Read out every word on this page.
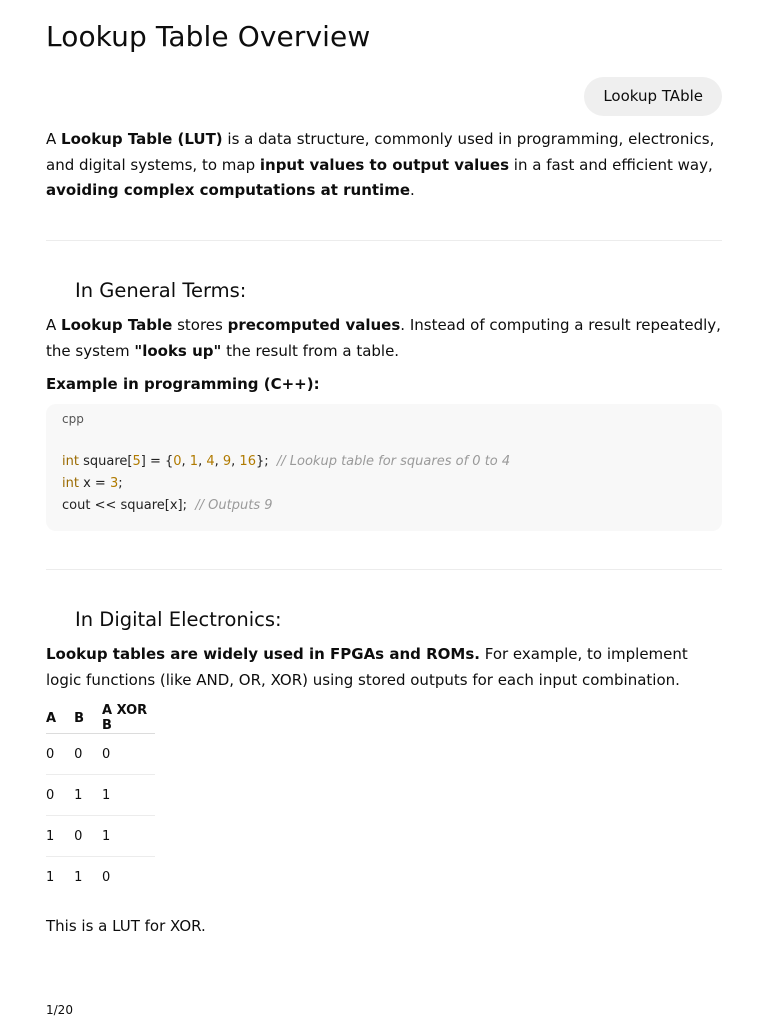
Lookup Table Overview
Lookup TAble

A Lookup Table (LUT) is a data structure, commonly used in programming, electronics, and digital systems, to map input values to output values in a fast and efficient way, avoiding complex computations at runtime.

In General Terms:

A Lookup Table stores precomputed values. Instead of computing a result repeatedly, the system "looks up" the result from a table.

Example in programming (C++):

cpp
int square[5] = {0, 1, 4, 9, 16};  // Lookup table for squares of 0 to 4
int x = 3;
cout << square[x];  // Outputs 9
In Digital Electronics:

Lookup tables are widely used in FPGAs and ROMs. For example, to implement logic functions (like AND, OR, XOR) using stored outputs for each input combination.

A	B	A XOR B
0	0	0
0	1	1
1	0	1
1	1	0

This is a LUT for XOR.

1/20
